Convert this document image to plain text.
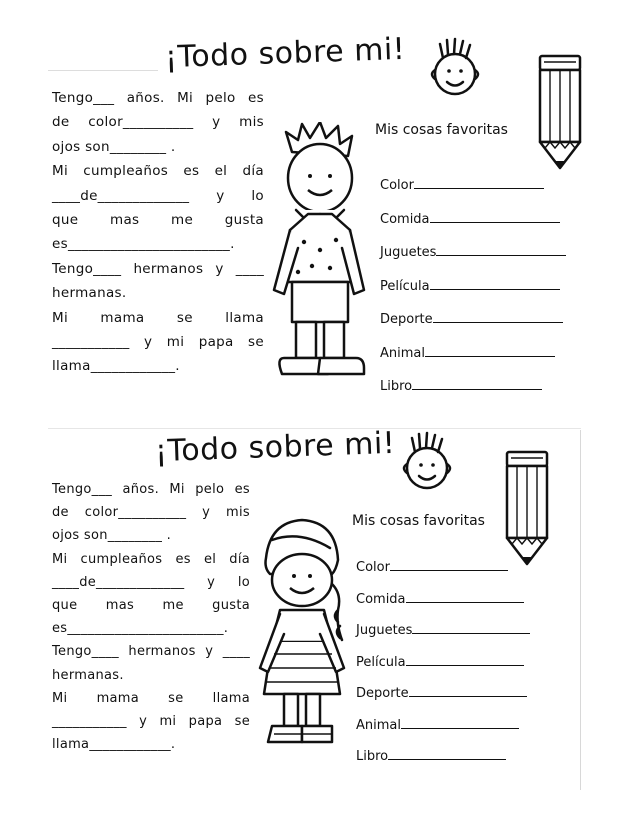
¡Todo sobre mi!
Tengo___ años. Mi pelo es
de color__________ y mis
ojos son________ .
Mi cumpleaños es el día
____de_____________ y lo
que mas me gusta
es_______________________.
Tengo____ hermanos y ____
hermanas.
Mi mama se llama
___________ y mi papa se
llama____________.
Mis cosas favoritas
Color
Comida
Juguetes
Película
Deporte
Animal
Libro
¡Todo sobre mi!
Tengo___ años. Mi pelo es
de color__________ y mis
ojos son________ .
Mi cumpleaños es el día
____de_____________ y lo
que mas me gusta
es_______________________.
Tengo____ hermanos y ____
hermanas.
Mi mama se llama
___________ y mi papa se
llama____________.
Mis cosas favoritas
Color
Comida
Juguetes
Película
Deporte
Animal
Libro
